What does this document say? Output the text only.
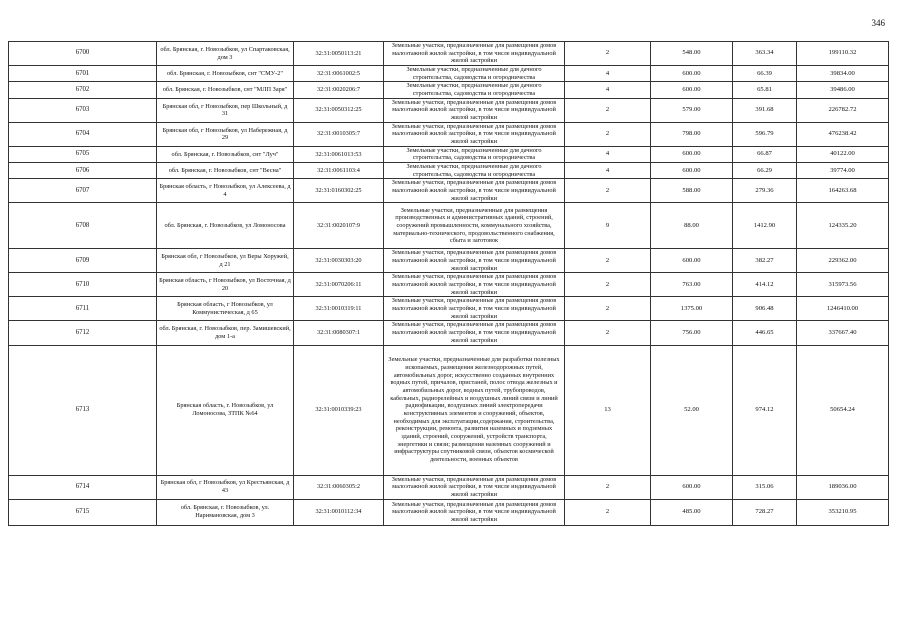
346
6700	обл. Брянская, г. Новозыбков, ул Спартаковская, дом 3	32:31:0050113:21	Земельные участки, предназначенные для размещения домов малоэтажной жилой застройки, в том числе индивидуальной жилой застройки	2	548.00	363.34	199110.32
6701	обл. Брянская, г. Новозыбков, снт "СМУ-2"	32:31:0061002:5	Земельные участки, предназначенные для дачного строительства, садоводства и огородничества	4	600.00	66.39	39834.00
6702	обл. Брянская, г. Новозыбков, снт "МЛП Заря"	32:31:0020206:7	Земельные участки, предназначенные для дачного строительства, садоводства и огородничества	4	600.00	65.81	39486.00
6703	Брянская обл, г Новозыбков, пер Школьный, д 31	32:31:0050312:25	Земельные участки, предназначенные для размещения домов малоэтажной жилой застройки, в том числе индивидуальной жилой застройки	2	579.00	391.68	226782.72
6704	Брянская обл, г Новозыбков, ул Набережная, д 29	32:31:0010305:7	Земельные участки, предназначенные для размещения домов малоэтажной жилой застройки, в том числе индивидуальной жилой застройки	2	798.00	596.79	476238.42
6705	обл. Брянская, г. Новозыбков, снт "Луч"	32:31:0061013:53	Земельные участки, предназначенные для дачного строительства, садоводства и огородничества	4	600.00	66.87	40122.00
6706	обл. Брянская, г. Новозыбков, снт "Весна"	32:31:0061103:4	Земельные участки, предназначенные для дачного строительства, садоводства и огородничества	4	600.00	66.29	39774.00
6707	Брянская область, г Новозыбков, ул Алексеева, д 4	32:31:0160302:25	Земельные участки, предназначенные для размещения домов малоэтажной жилой застройки, в том числе индивидуальной жилой застройки	2	588.00	279.36	164263.68
6708	обл. Брянская, г. Новозыбков, ул Ломоносова	32:31:0020107:9	Земельные участки, предназначенные для размещения производственных и административных зданий, строений, сооружений промышленности, коммунального хозяйства, материально-технического, продовольственного снабжения, сбыта и заготовок	9	88.00	1412.90	124335.20
6709	Брянская обл, г Новозыбков, ул Веры Хоружей, д 21	32:31:0030303:20	Земельные участки, предназначенные для размещения домов малоэтажной жилой застройки, в том числе индивидуальной жилой застройки	2	600.00	382.27	229362.00
6710	Брянская область, г Новозыбков, ул Восточная, д 20	32:31:0070206:11	Земельные участки, предназначенные для размещения домов малоэтажной жилой застройки, в том числе индивидуальной жилой застройки	2	763.00	414.12	315973.56
6711	Брянская область, г Новозыбков, ул Коммунистическая, д 65	32:31:0010319:11	Земельные участки, предназначенные для размещения домов малоэтажной жилой застройки, в том числе индивидуальной жилой застройки	2	1375.00	906.48	1246410.00
6712	обл. Брянская, г. Новозыбков, пер. Замишевский, дом 1-а	32:31:0080307:1	Земельные участки, предназначенные для размещения домов малоэтажной жилой застройки, в том числе индивидуальной жилой застройки	2	756.00	446.65	337667.40
6713	Брянская область, г. Новозыбков, ул Ломоносова, ЗТПК №64	32:31:0010339:23	Земельные участки, предназначенные для разработки полезных ископаемых, размещения железнодорожных путей, автомобильных дорог, искусственно созданных внутренних водных путей, причалов, пристаней, полос отвода железных и автомобильных дорог, водных путей, трубопроводов, кабельных, радиорелейных и воздушных линий связи и линий радиофикации, воздушных линий электропередачи конструктивных элементов и сооружений, объектов, необходимых для эксплуатации,содержания, строительства, реконструкции, ремонта, развития наземных и подземных зданий, строений, сооружений, устройств транспорта, энергетики и связи; размещения наземных сооружений и инфраструктуры спутниковой связи, объектов космической деятельности, военных объектов	13	52.00	974.12	50654.24
6714	Брянская обл, г Новозыбков, ул Крестьянская, д 43	32:31:0060305:2	Земельные участки, предназначенные для размещения домов малоэтажной жилой застройки, в том числе индивидуальной жилой застройки	2	600.00	315.06	189036.00
6715	обл. Брянская, г. Новозыбков, ул. Наримановская, дом 3	32:31:0010112:34	Земельные участки, предназначенные для размещения домов малоэтажной жилой застройки, в том числе индивидуальной жилой застройки	2	485.00	728.27	353210.95
